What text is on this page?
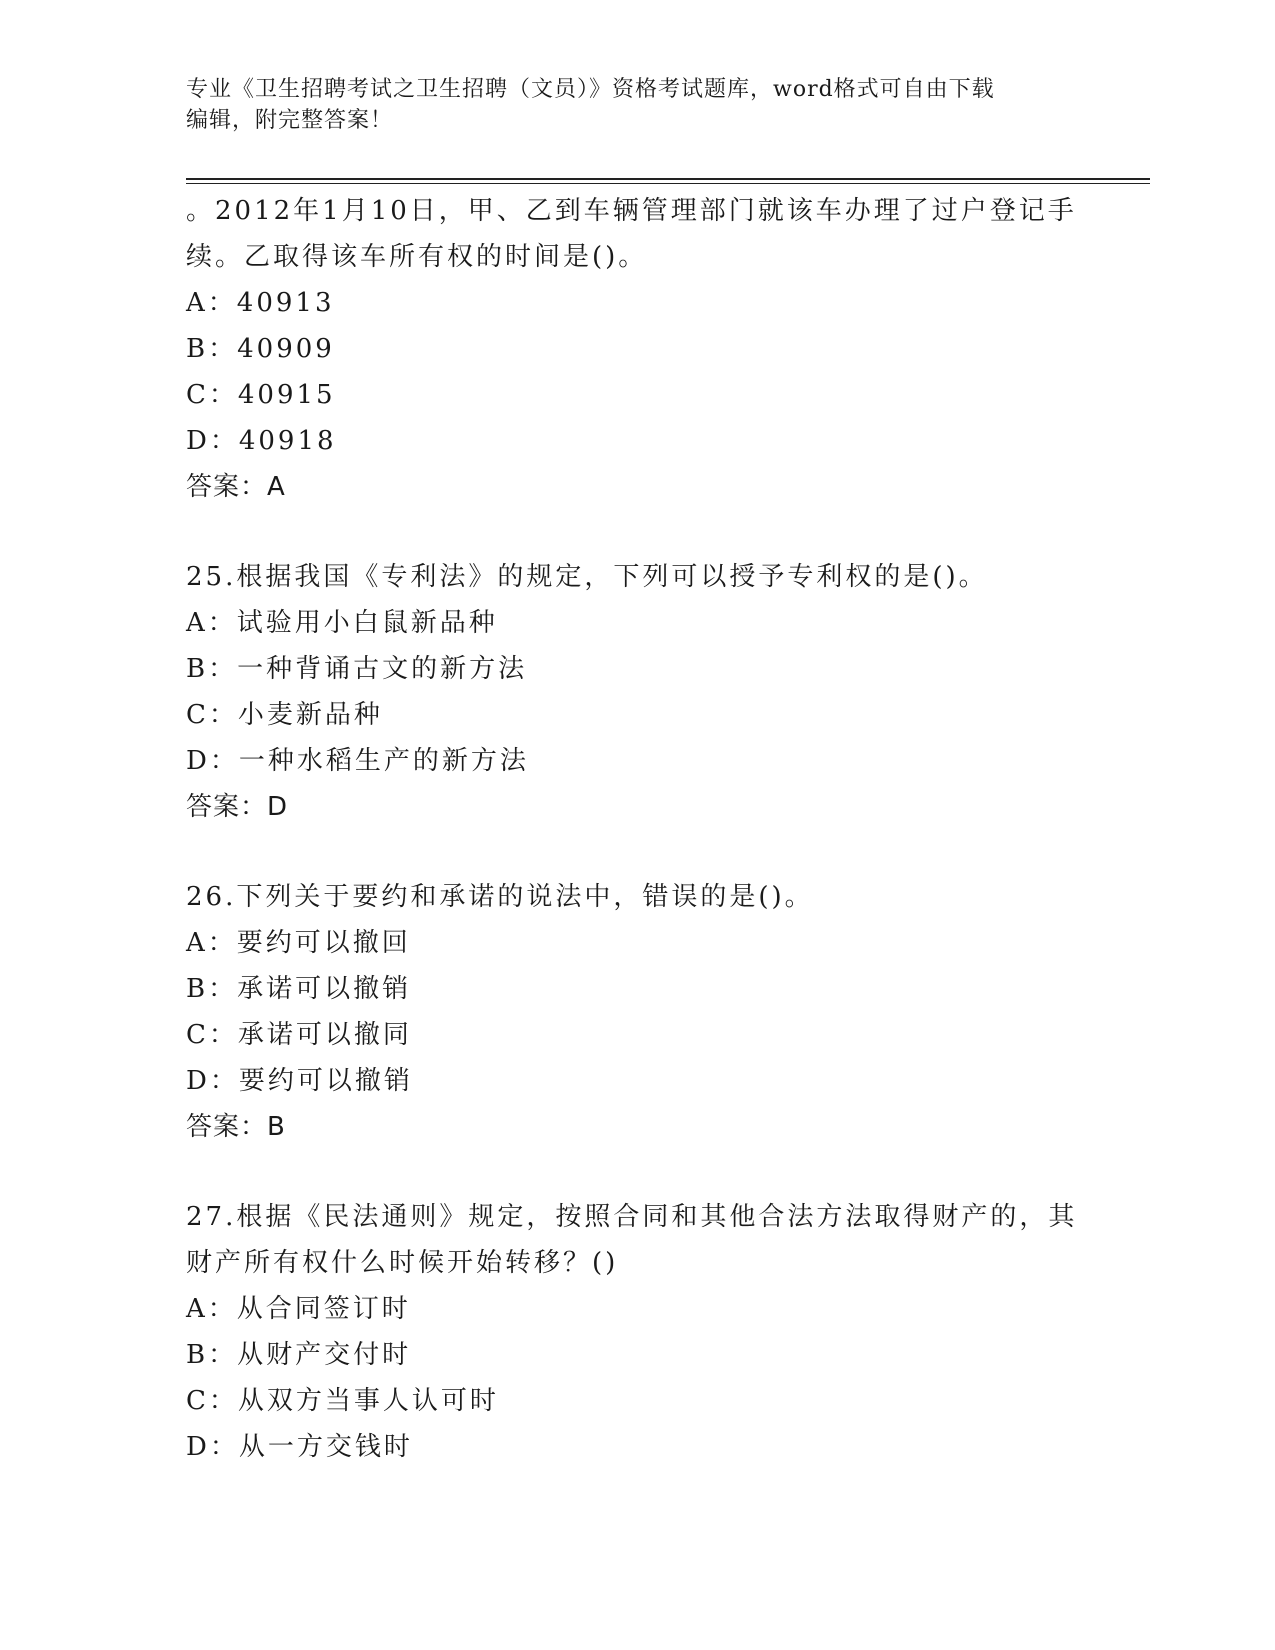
专业《卫生招聘考试之卫生招聘（文员）》资格考试题库，word格式可自由下载
编辑，附完整答案！
。2012年1月10日，甲、乙到车辆管理部门就该车办理了过户登记手
续。乙取得该车所有权的时间是()。
A：40913
B：40909
C：40915
D：40918
答案：A
25.根据我国《专利法》的规定，下列可以授予专利权的是()。
A：试验用小白鼠新品种
B：一种背诵古文的新方法
C：小麦新品种
D：一种水稻生产的新方法
答案：D
26.下列关于要约和承诺的说法中，错误的是()。
A：要约可以撤回
B：承诺可以撤销
C：承诺可以撤同
D：要约可以撤销
答案：B
27.根据《民法通则》规定，按照合同和其他合法方法取得财产的，其
财产所有权什么时候开始转移？()
A：从合同签订时
B：从财产交付时
C：从双方当事人认可时
D：从一方交钱时
